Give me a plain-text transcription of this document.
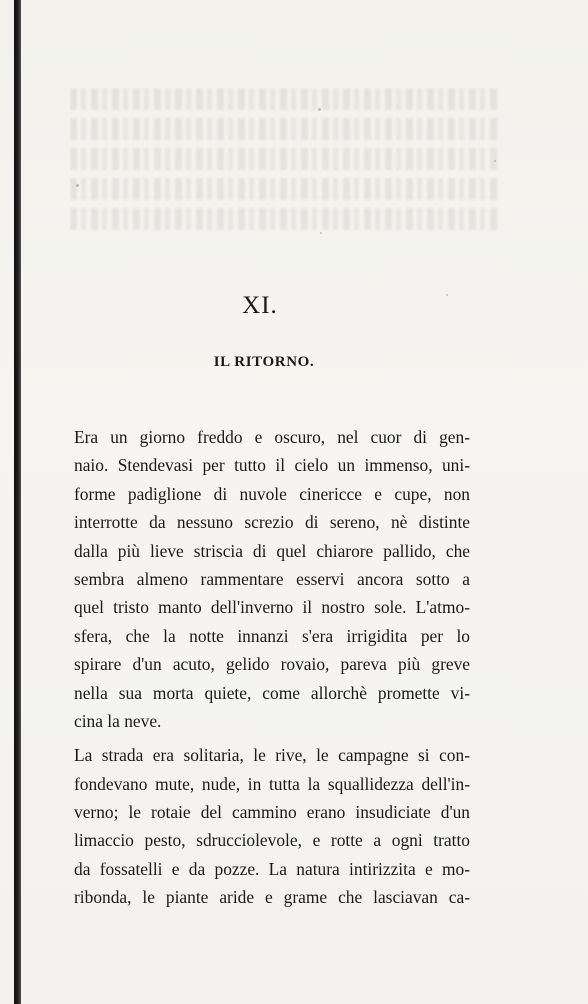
XI.
IL RITORNO.
Era un giorno freddo e oscuro, nel cuor di gen-
naio. Stendevasi per tutto il cielo un immenso, uni-
forme padiglione di nuvole cinericce e cupe, non
interrotte da nessuno screzio di sereno, nè distinte
dalla più lieve striscia di quel chiarore pallido, che
sembra almeno rammentare esservi ancora sotto a
quel tristo manto dell'inverno il nostro sole. L'atmo-
sfera, che la notte innanzi s'era irrigidita per lo
spirare d'un acuto, gelido rovaio, pareva più greve
nella sua morta quiete, come allorchè promette vi-
cina la neve.
La strada era solitaria, le rive, le campagne si con-
fondevano mute, nude, in tutta la squallidezza dell'in-
verno; le rotaie del cammino erano insudiciate d'un
limaccio pesto, sdrucciolevole, e rotte a ogni tratto
da fossatelli e da pozze. La natura intirizzita e mo-
ribonda, le piante aride e grame che lasciavan ca-
